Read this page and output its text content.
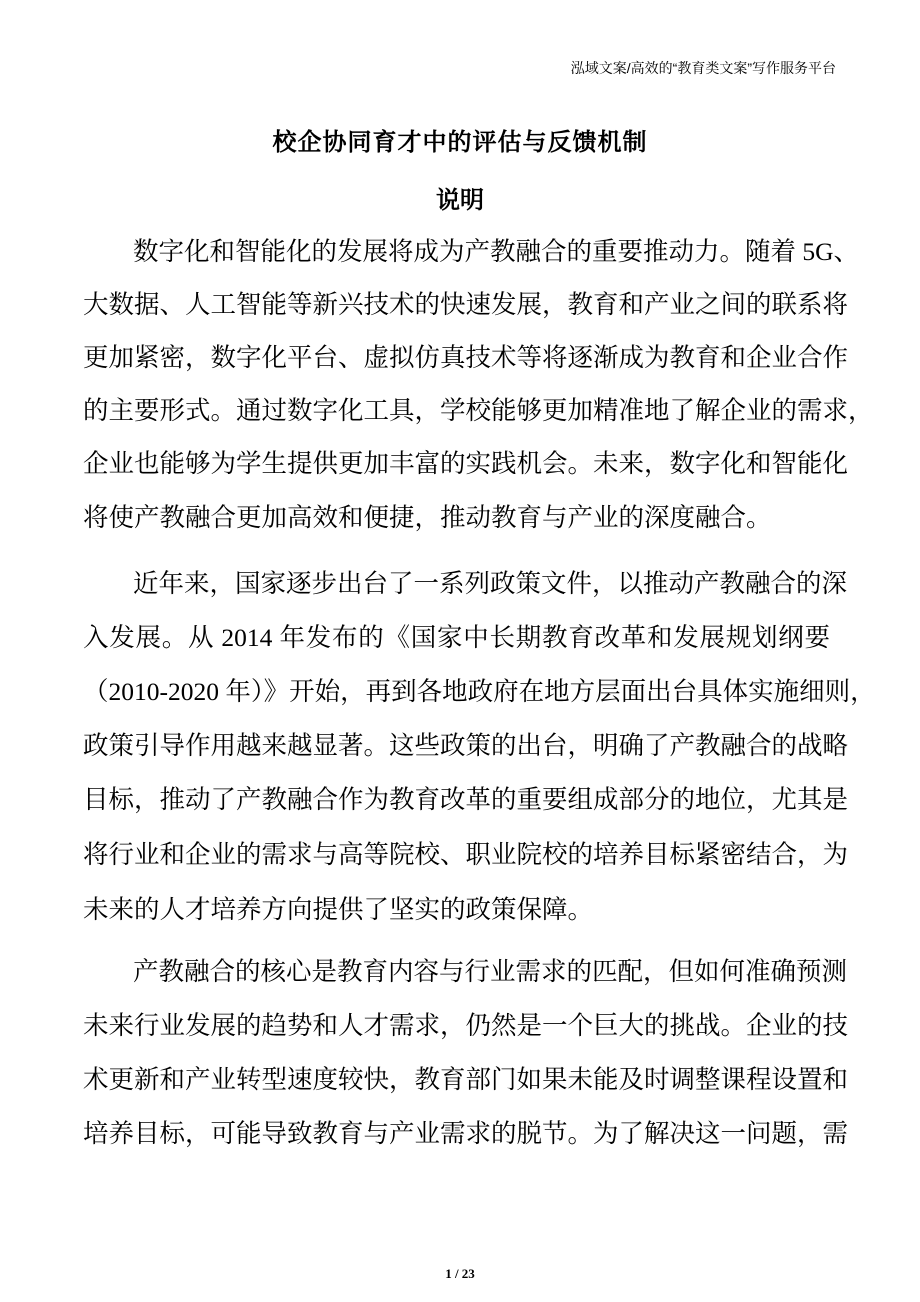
泓域文案/高效的“教育类文案”写作服务平台
校企协同育才中的评估与反馈机制
说明
数字化和智能化的发展将成为产教融合的重要推动力。随着 5G、
大数据、人工智能等新兴技术的快速发展，教育和产业之间的联系将
更加紧密，数字化平台、虚拟仿真技术等将逐渐成为教育和企业合作
的主要形式。通过数字化工具，学校能够更加精准地了解企业的需求，
企业也能够为学生提供更加丰富的实践机会。未来，数字化和智能化
将使产教融合更加高效和便捷，推动教育与产业的深度融合。
近年来，国家逐步出台了一系列政策文件，以推动产教融合的深
入发展。从 2014 年发布的《国家中长期教育改革和发展规划纲要
（2010-2020 年）》开始，再到各地政府在地方层面出台具体实施细则，
政策引导作用越来越显著。这些政策的出台，明确了产教融合的战略
目标，推动了产教融合作为教育改革的重要组成部分的地位，尤其是
将行业和企业的需求与高等院校、职业院校的培养目标紧密结合，为
未来的人才培养方向提供了坚实的政策保障。
产教融合的核心是教育内容与行业需求的匹配，但如何准确预测
未来行业发展的趋势和人才需求，仍然是一个巨大的挑战。企业的技
术更新和产业转型速度较快，教育部门如果未能及时调整课程设置和
培养目标，可能导致教育与产业需求的脱节。为了解决这一问题，需
1 / 23
